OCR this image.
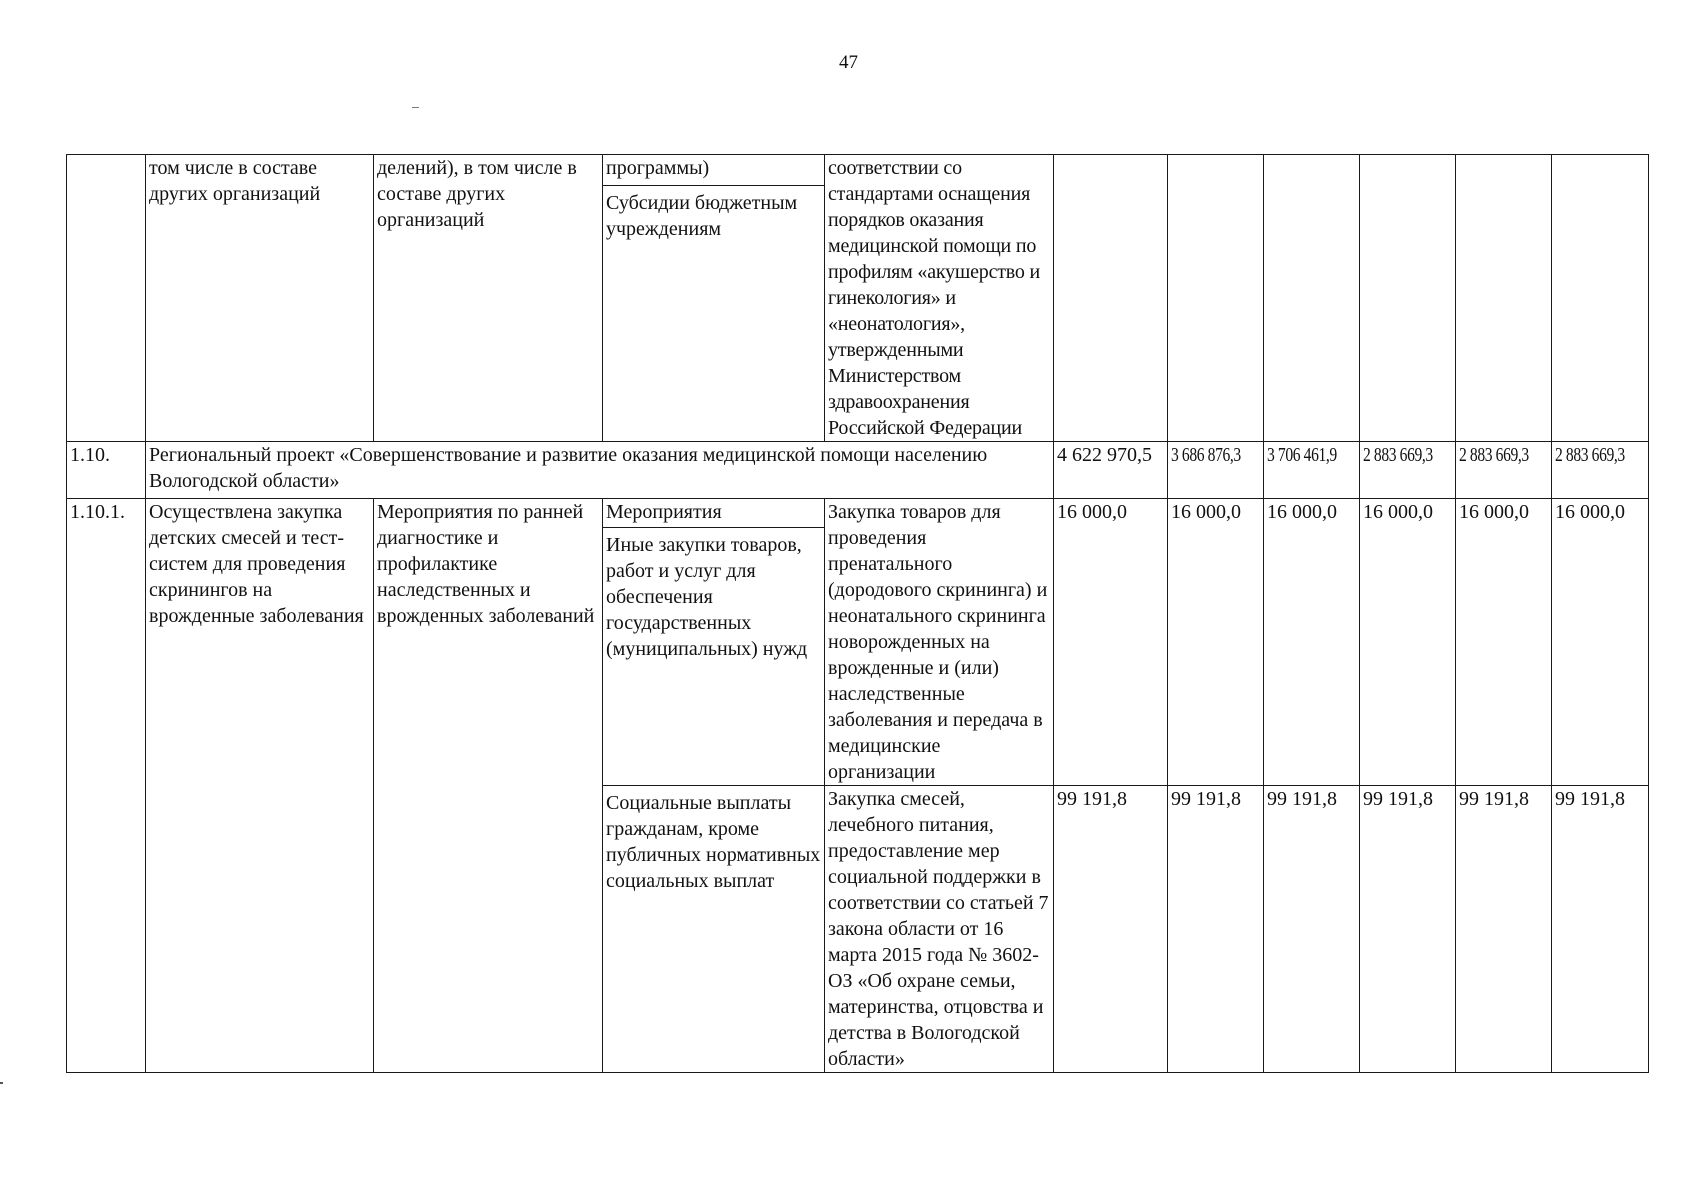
47
	том числе в составе других организаций	делений), в том числе в составе других организаций	программы)	соответствии со стандартами оснащения порядков оказания медицинской помощи по профилям «акушерство и гинекология» и «неонатология», утвержденными Министерством здравоохранения Российской Федерации						
			Субсидии бюджетным учреждениям							
1.10.	Региональный проект «Совершенствование и развитие оказания медицинской помощи населению Вологодской области»				4 622 970,5	3 686 876,3	3 706 461,9	2 883 669,3	2 883 669,3	2 883 669,3
1.10.1.	Осуществлена закупка детских смесей и тест-систем для проведения скринингов на врожденные заболевания	Мероприятия по ранней диагностике и профилактике наследственных и врожденных заболеваний	Мероприятия	Закупка товаров для проведения пренатального (дородового скрининга) и неонатального скрининга новорожденных на врожденные и (или) наследственные заболевания и передача в медицинские организации	16 000,0	16 000,0	16 000,0	16 000,0	16 000,0	16 000,0
			Иные закупки товаров, работ и услуг для обеспечения государственных (муниципальных) нужд							
			Социальные выплаты гражданам, кроме публичных нормативных социальных выплат	Закупка смесей, лечебного питания, предоставление мер социальной поддержки в соответствии со статьей 7 закона области от 16 марта 2015 года № 3602-ОЗ «Об охране семьи, материнства, отцовства и детства в Вологодской области»	99 191,8	99 191,8	99 191,8	99 191,8	99 191,8	99 191,8
